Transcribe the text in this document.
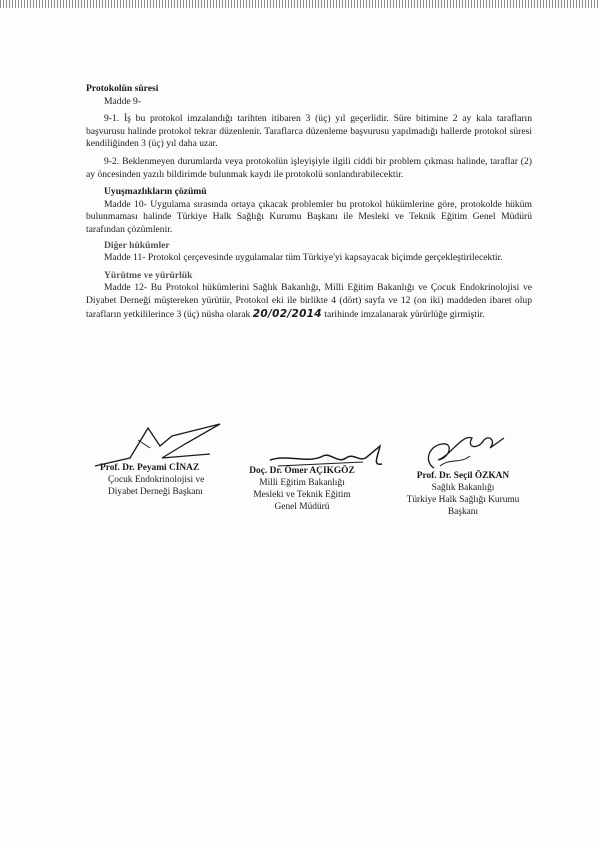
Protokolün süresi
Madde 9-

9-1. İş bu protokol imzalandığı tarihten itibaren 3 (üç) yıl geçerlidir. Süre bitimine 2 ay kala tarafların başvurusu halinde protokol tekrar düzenlenir. Taraflarca düzenleme başvurusu yapılmadığı hallerde protokol süresi kendiliğinden 3 (üç) yıl daha uzar.

9-2. Beklenmeyen durumlarda veya protokolün işleyişiyle ilgili ciddi bir problem çıkması halinde, taraflar (2) ay öncesinden yazılı bildirimde bulunmak kaydı ile protokolü sonlandırabilecektir.

Uyuşmazlıkların çözümü

Madde 10- Uygulama sırasında ortaya çıkacak problemler bu protokol hükümlerine göre, protokolde hüküm bulunmaması halinde Türkiye Halk Sağlığı Kurumu Başkanı ile Mesleki ve Teknik Eğitim Genel Müdürü tarafından çözümlenir.

Diğer hükümler

Madde 11- Protokol çerçevesinde uygulamalar tüm Türkiye'yi kapsayacak biçimde gerçekleştirilecektir.

Yürütme ve yürürlük

Madde 12- Bu Protokol hükümlerini Sağlık Bakanlığı, Milli Eğitim Bakanlığı ve Çocuk Endokrinolojisi ve Diyabet Derneği müştereken yürütür, Protokol eki ile birlikte 4 (dört) sayfa ve 12 (on iki) maddeden ibaret olup tarafların yetkililerince 3 (üç) nüsha olarak 20/02/2014 tarihinde imzalanarak yürürlüğe girmiştir.

Prof. Dr. Peyami CİNAZ
Çocuk Endokrinolojisi ve
Diyabet Derneği Başkanı
Doç. Dr. Ömer AÇIKGÖZ
Milli Eğitim Bakanlığı
Mesleki ve Teknik Eğitim
Genel Müdürü
Prof. Dr. Seçil ÖZKAN
Sağlık Bakanlığı
Türkiye Halk Sağlığı Kurumu
Başkanı
